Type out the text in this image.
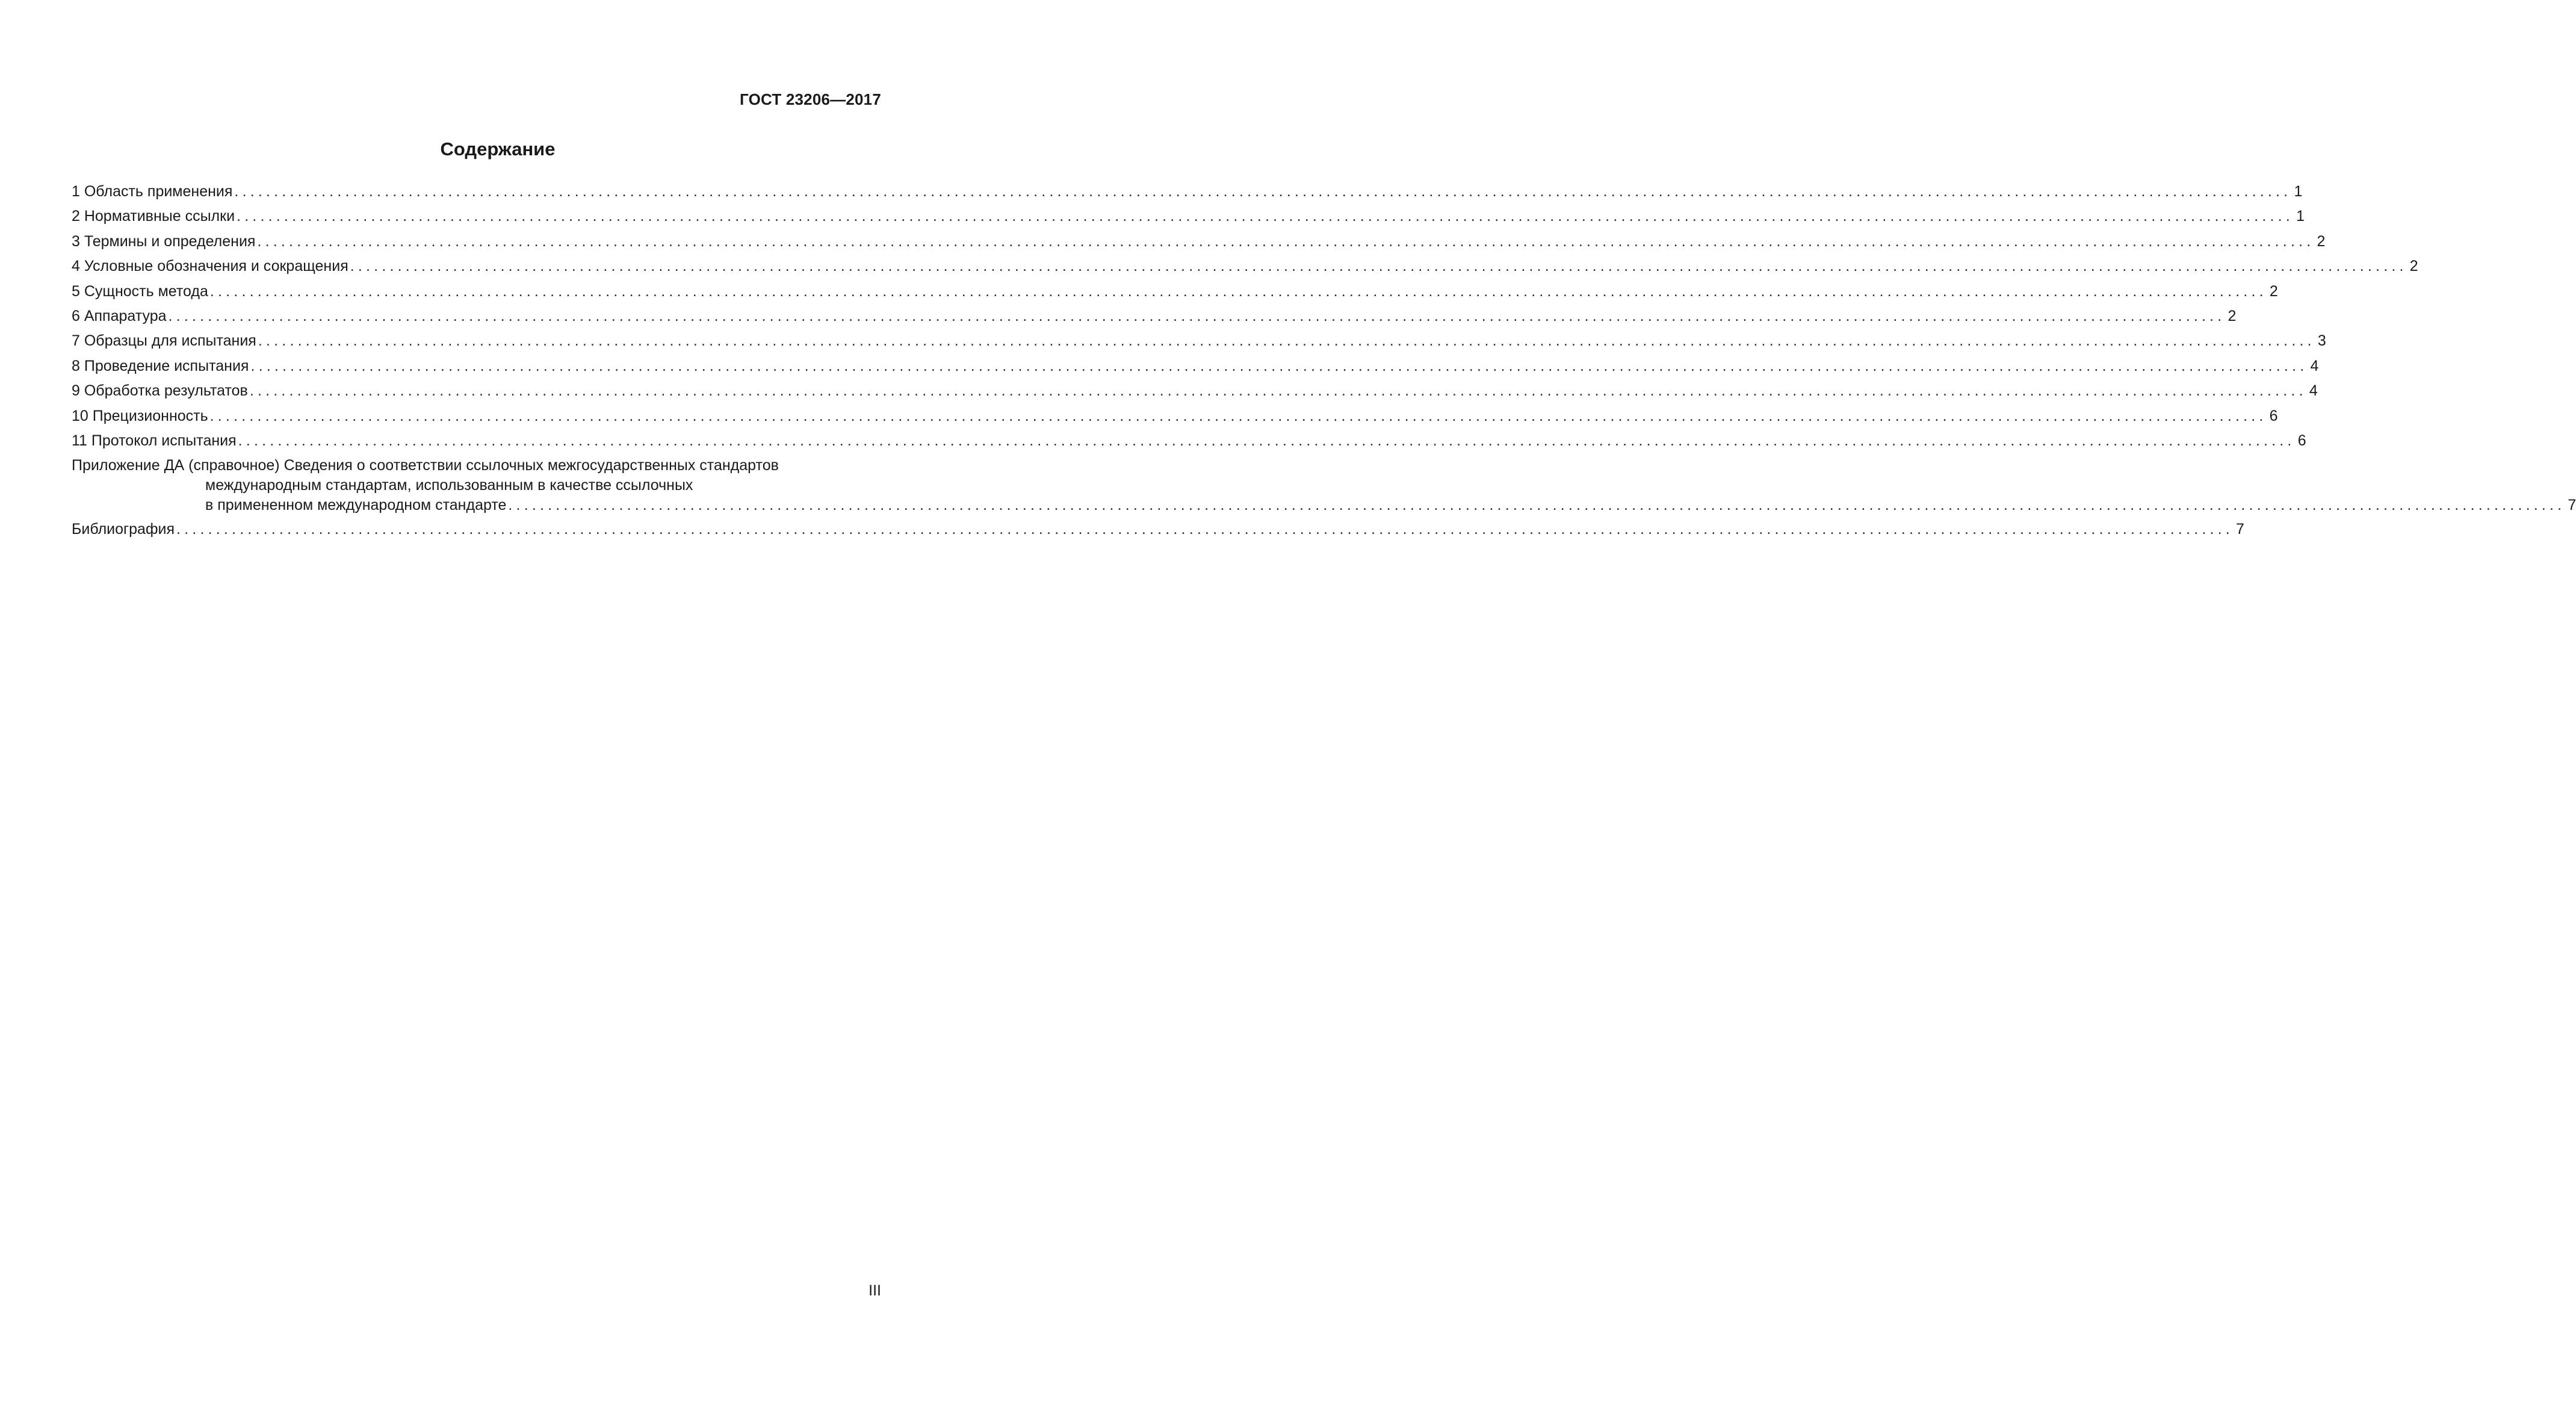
ГОСТ 23206—2017
Содержание
1 Область применения .................................................................................................................................................................................................................................................................... 1
2 Нормативные ссылки .................................................................................................................................................................................................................................................................... 1
3 Термины и определения .................................................................................................................................................................................................................................................................... 2
4 Условные обозначения и сокращения .................................................................................................................................................................................................................................................................... 2
5 Сущность метода .................................................................................................................................................................................................................................................................... 2
6 Аппаратура .................................................................................................................................................................................................................................................................... 2
7 Образцы для испытания .................................................................................................................................................................................................................................................................... 3
8 Проведение испытания .................................................................................................................................................................................................................................................................... 4
9 Обработка результатов .................................................................................................................................................................................................................................................................... 4
10 Прецизионность .................................................................................................................................................................................................................................................................... 6
11 Протокол испытания .................................................................................................................................................................................................................................................................... 6
Приложение ДА (справочное) Сведения о соответствии ссылочных межгосударственных стандартов
международным стандартам, использованным в качестве ссылочных
в примененном международном стандарте .................................................................................................................................................................................................................................................................... 7
Библиография .................................................................................................................................................................................................................................................................... 7
III
